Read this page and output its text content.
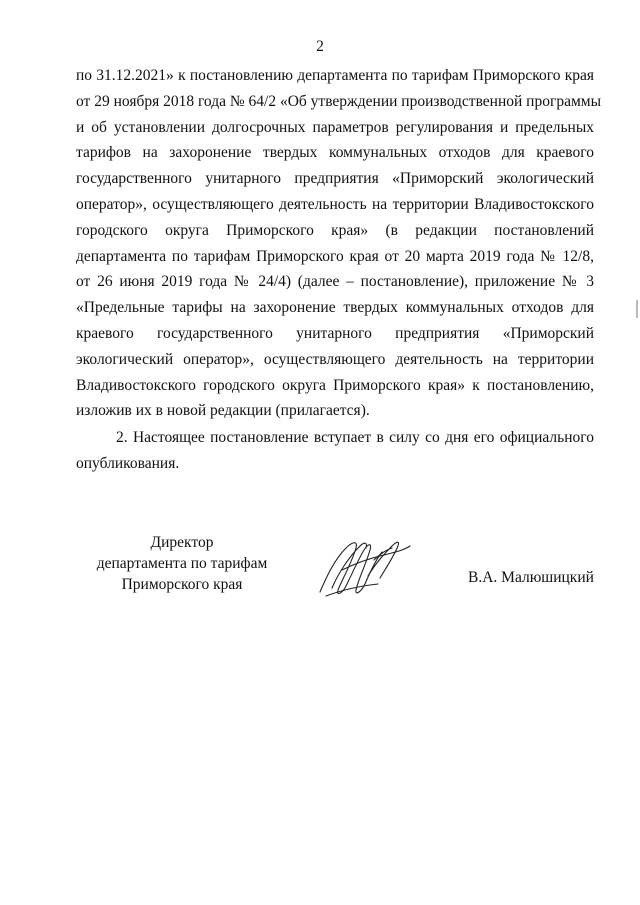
2
по 31.12.2021» к постановлению департамента по тарифам Приморского края
от 29 ноября 2018 года № 64/2 «Об утверждении производственной программы
и об установлении долгосрочных параметров регулирования и предельных
тарифов на захоронение твердых коммунальных отходов для краевого
государственного унитарного предприятия «Приморский экологический
оператор», осуществляющего деятельность на территории Владивостокского
городского округа Приморского края» (в редакции постановлений
департамента по тарифам Приморского края от 20 марта 2019 года № 12/8,
от 26 июня 2019 года № 24/4) (далее – постановление), приложение № 3
«Предельные тарифы на захоронение твердых коммунальных отходов для
краевого государственного унитарного предприятия «Приморский
экологический оператор», осуществляющего деятельность на территории
Владивостокского городского округа Приморского края» к постановлению,
изложив их в новой редакции (прилагается).
2. Настоящее постановление вступает в силу со дня его официального
опубликования.
Директор
департамента по тарифам
Приморского края	В.А. Малюшицкий
